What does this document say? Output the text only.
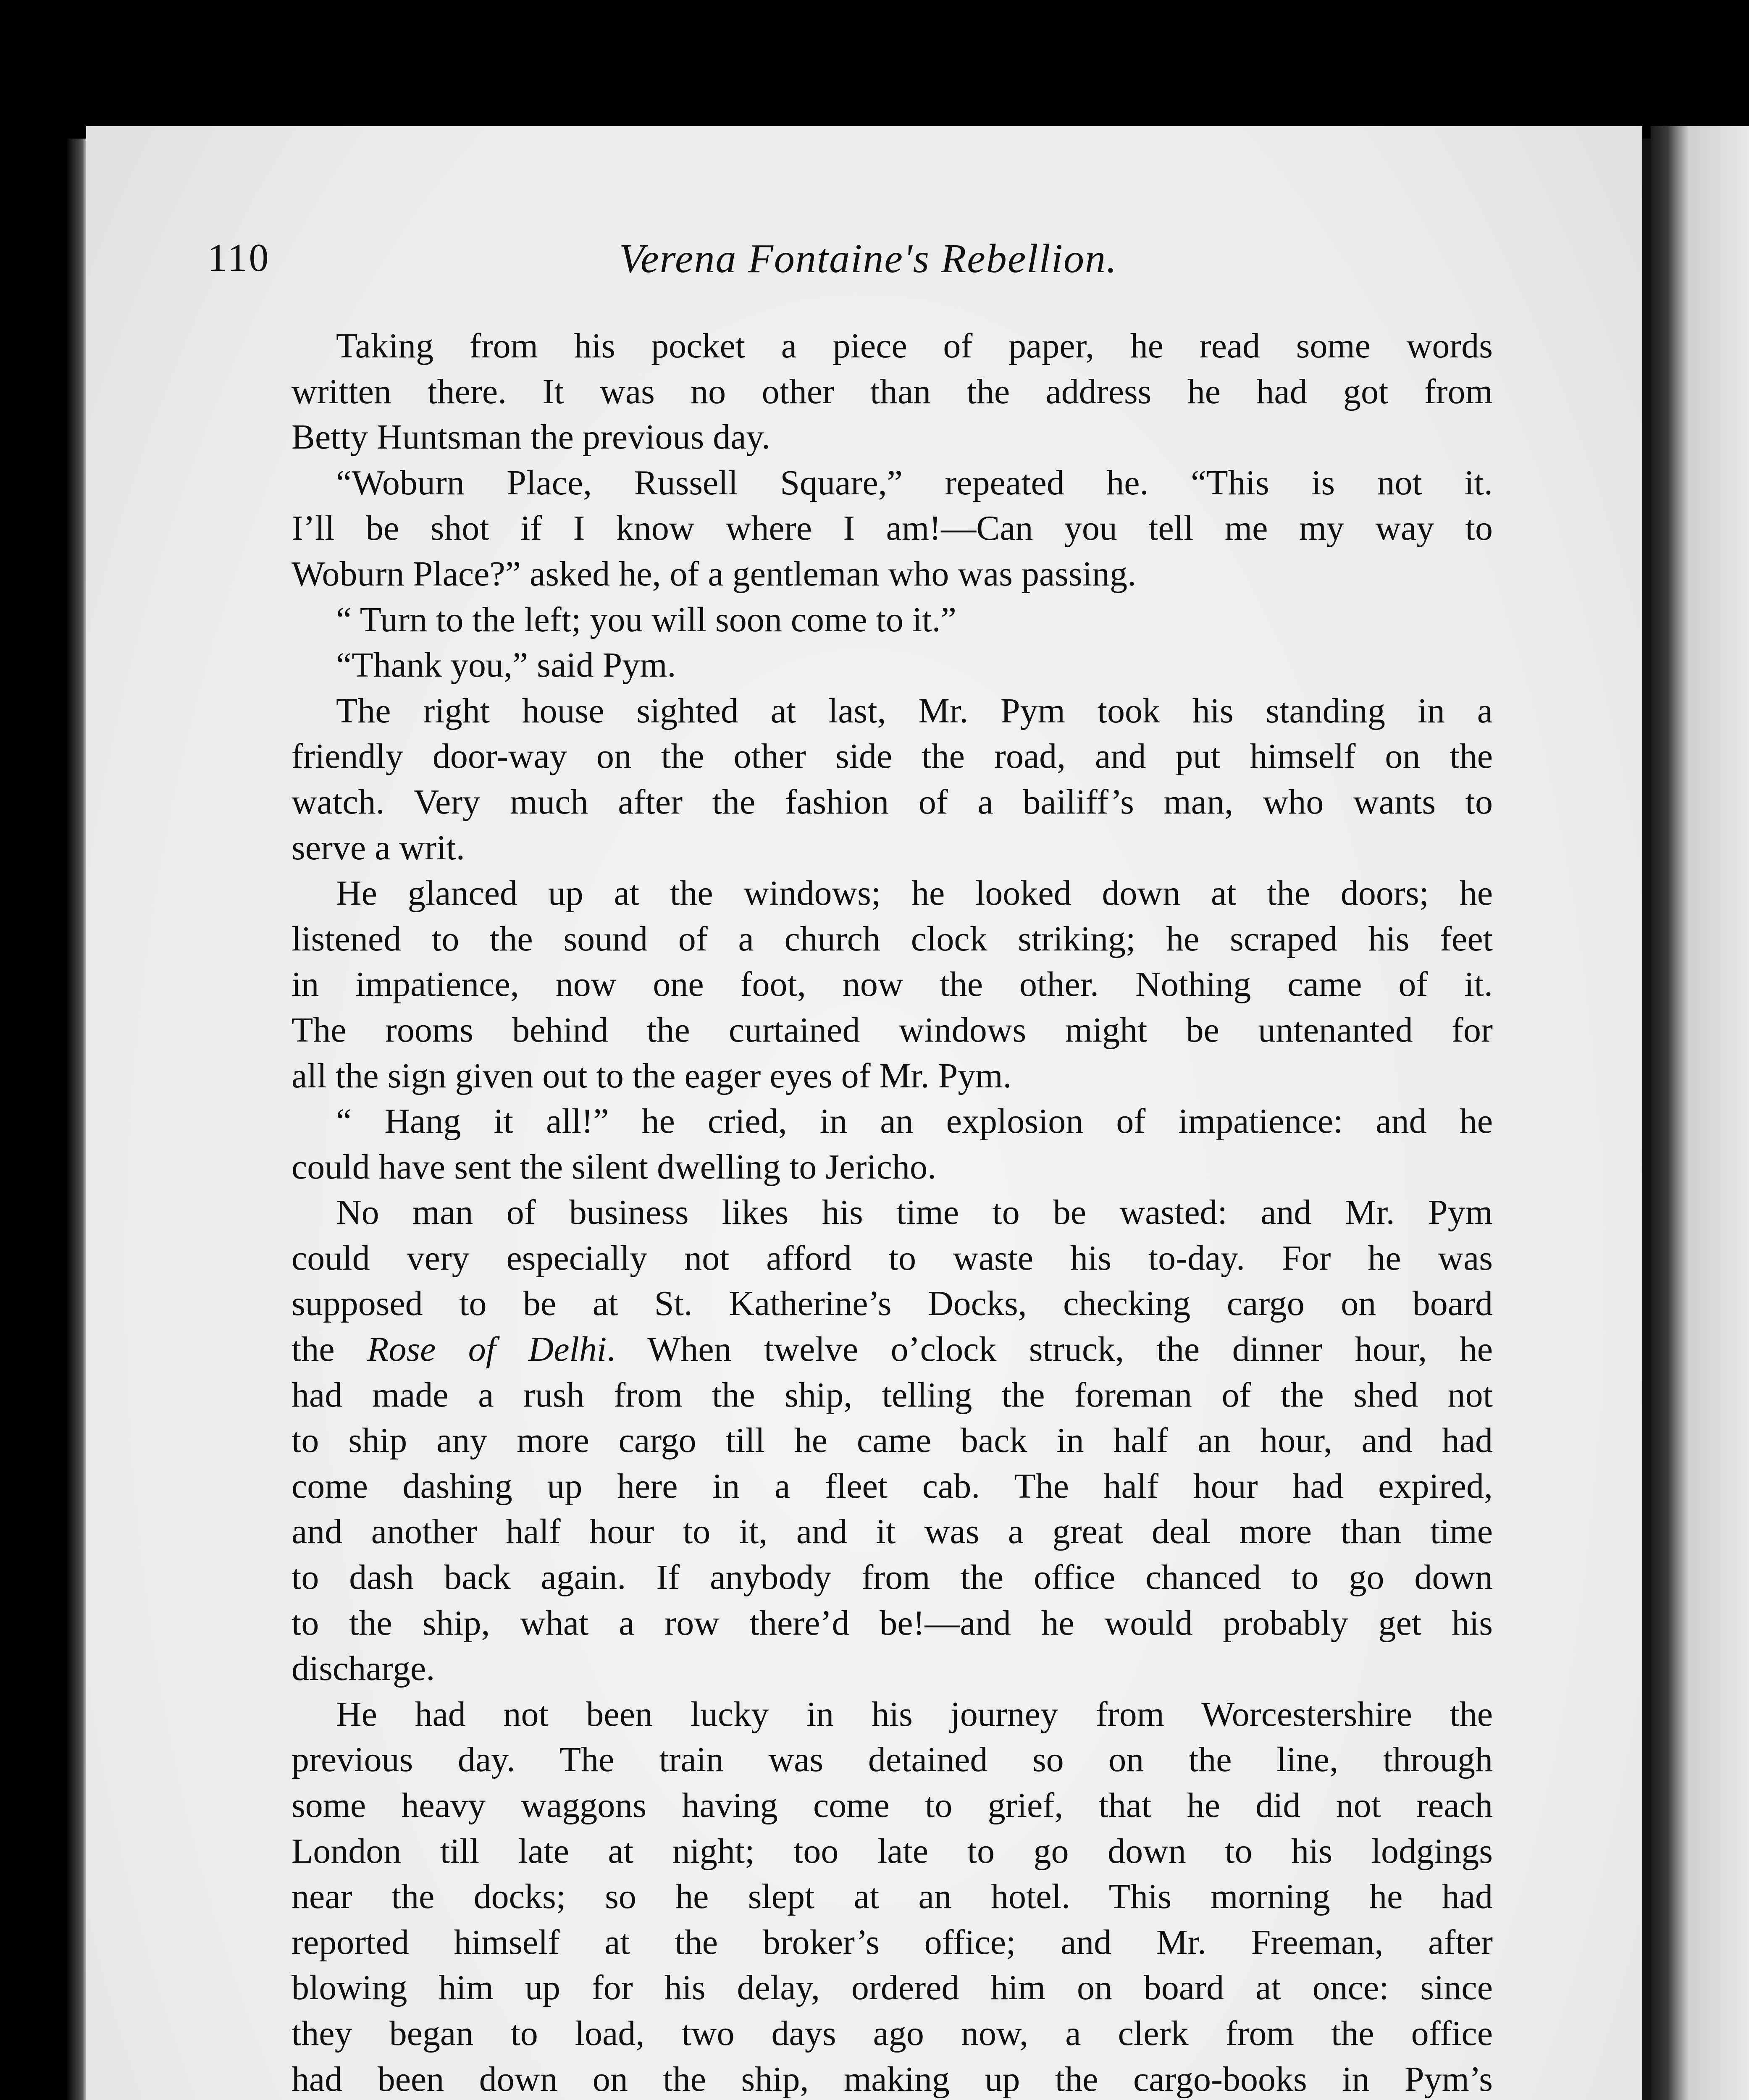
110	Verena Fontaine's Rebellion.
Taking from his pocket a piece of paper, he read some words
written there. It was no other than the address he had got from
Betty Huntsman the previous day.
“Woburn Place, Russell Square,” repeated he. “This is not it.
I’ll be shot if I know where I am!—Can you tell me my way to
Woburn Place?” asked he, of a gentleman who was passing.
“ Turn to the left; you will soon come to it.”
“Thank you,” said Pym.
The right house sighted at last, Mr. Pym took his standing in a
friendly door-way on the other side the road, and put himself on the
watch. Very much after the fashion of a bailiff’s man, who wants to
serve a writ.
He glanced up at the windows; he looked down at the doors; he
listened to the sound of a church clock striking; he scraped his feet
in impatience, now one foot, now the other. Nothing came of it.
The rooms behind the curtained windows might be untenanted for
all the sign given out to the eager eyes of Mr. Pym.
“ Hang it all!” he cried, in an explosion of impatience: and he
could have sent the silent dwelling to Jericho.
No man of business likes his time to be wasted: and Mr. Pym
could very especially not afford to waste his to-day. For he was
supposed to be at St. Katherine’s Docks, checking cargo on board
the Rose of Delhi. When twelve o’clock struck, the dinner hour, he
had made a rush from the ship, telling the foreman of the shed not
to ship any more cargo till he came back in half an hour, and had
come dashing up here in a fleet cab. The half hour had expired,
and another half hour to it, and it was a great deal more than time
to dash back again. If anybody from the office chanced to go down
to the ship, what a row there’d be!—and he would probably get his
discharge.
He had not been lucky in his journey from Worcestershire the
previous day. The train was detained so on the line, through
some heavy waggons having come to grief, that he did not reach
London till late at night; too late to go down to his lodgings
near the docks; so he slept at an hotel. This morning he had
reported himself at the broker’s office; and Mr. Freeman, after
blowing him up for his delay, ordered him on board at once: since
they began to load, two days ago now, a clerk from the office
had been down on the ship, making up the cargo-books in Pym’s
